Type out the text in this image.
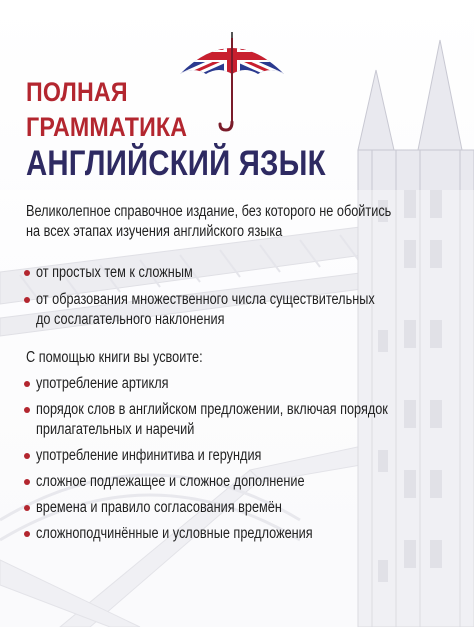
ПОЛНАЯ
ГРАММАТИКА
АНГЛИЙСКИЙ ЯЗЫК

Великолепное справочное издание, без которого не обойтись

на всех этапах изучения английского языка

от простых тем к сложным

от образования множественного числа существительных

до сослагательного наклонения

С помощью книги вы усвоите:

употребление артикля

порядок слов в английском предложении, включая порядок

прилагательных и наречий

употребление инфинитива и герундия

сложное подлежащее и сложное дополнение

времена и правило согласования времён

сложноподчинённые и условные предложения
